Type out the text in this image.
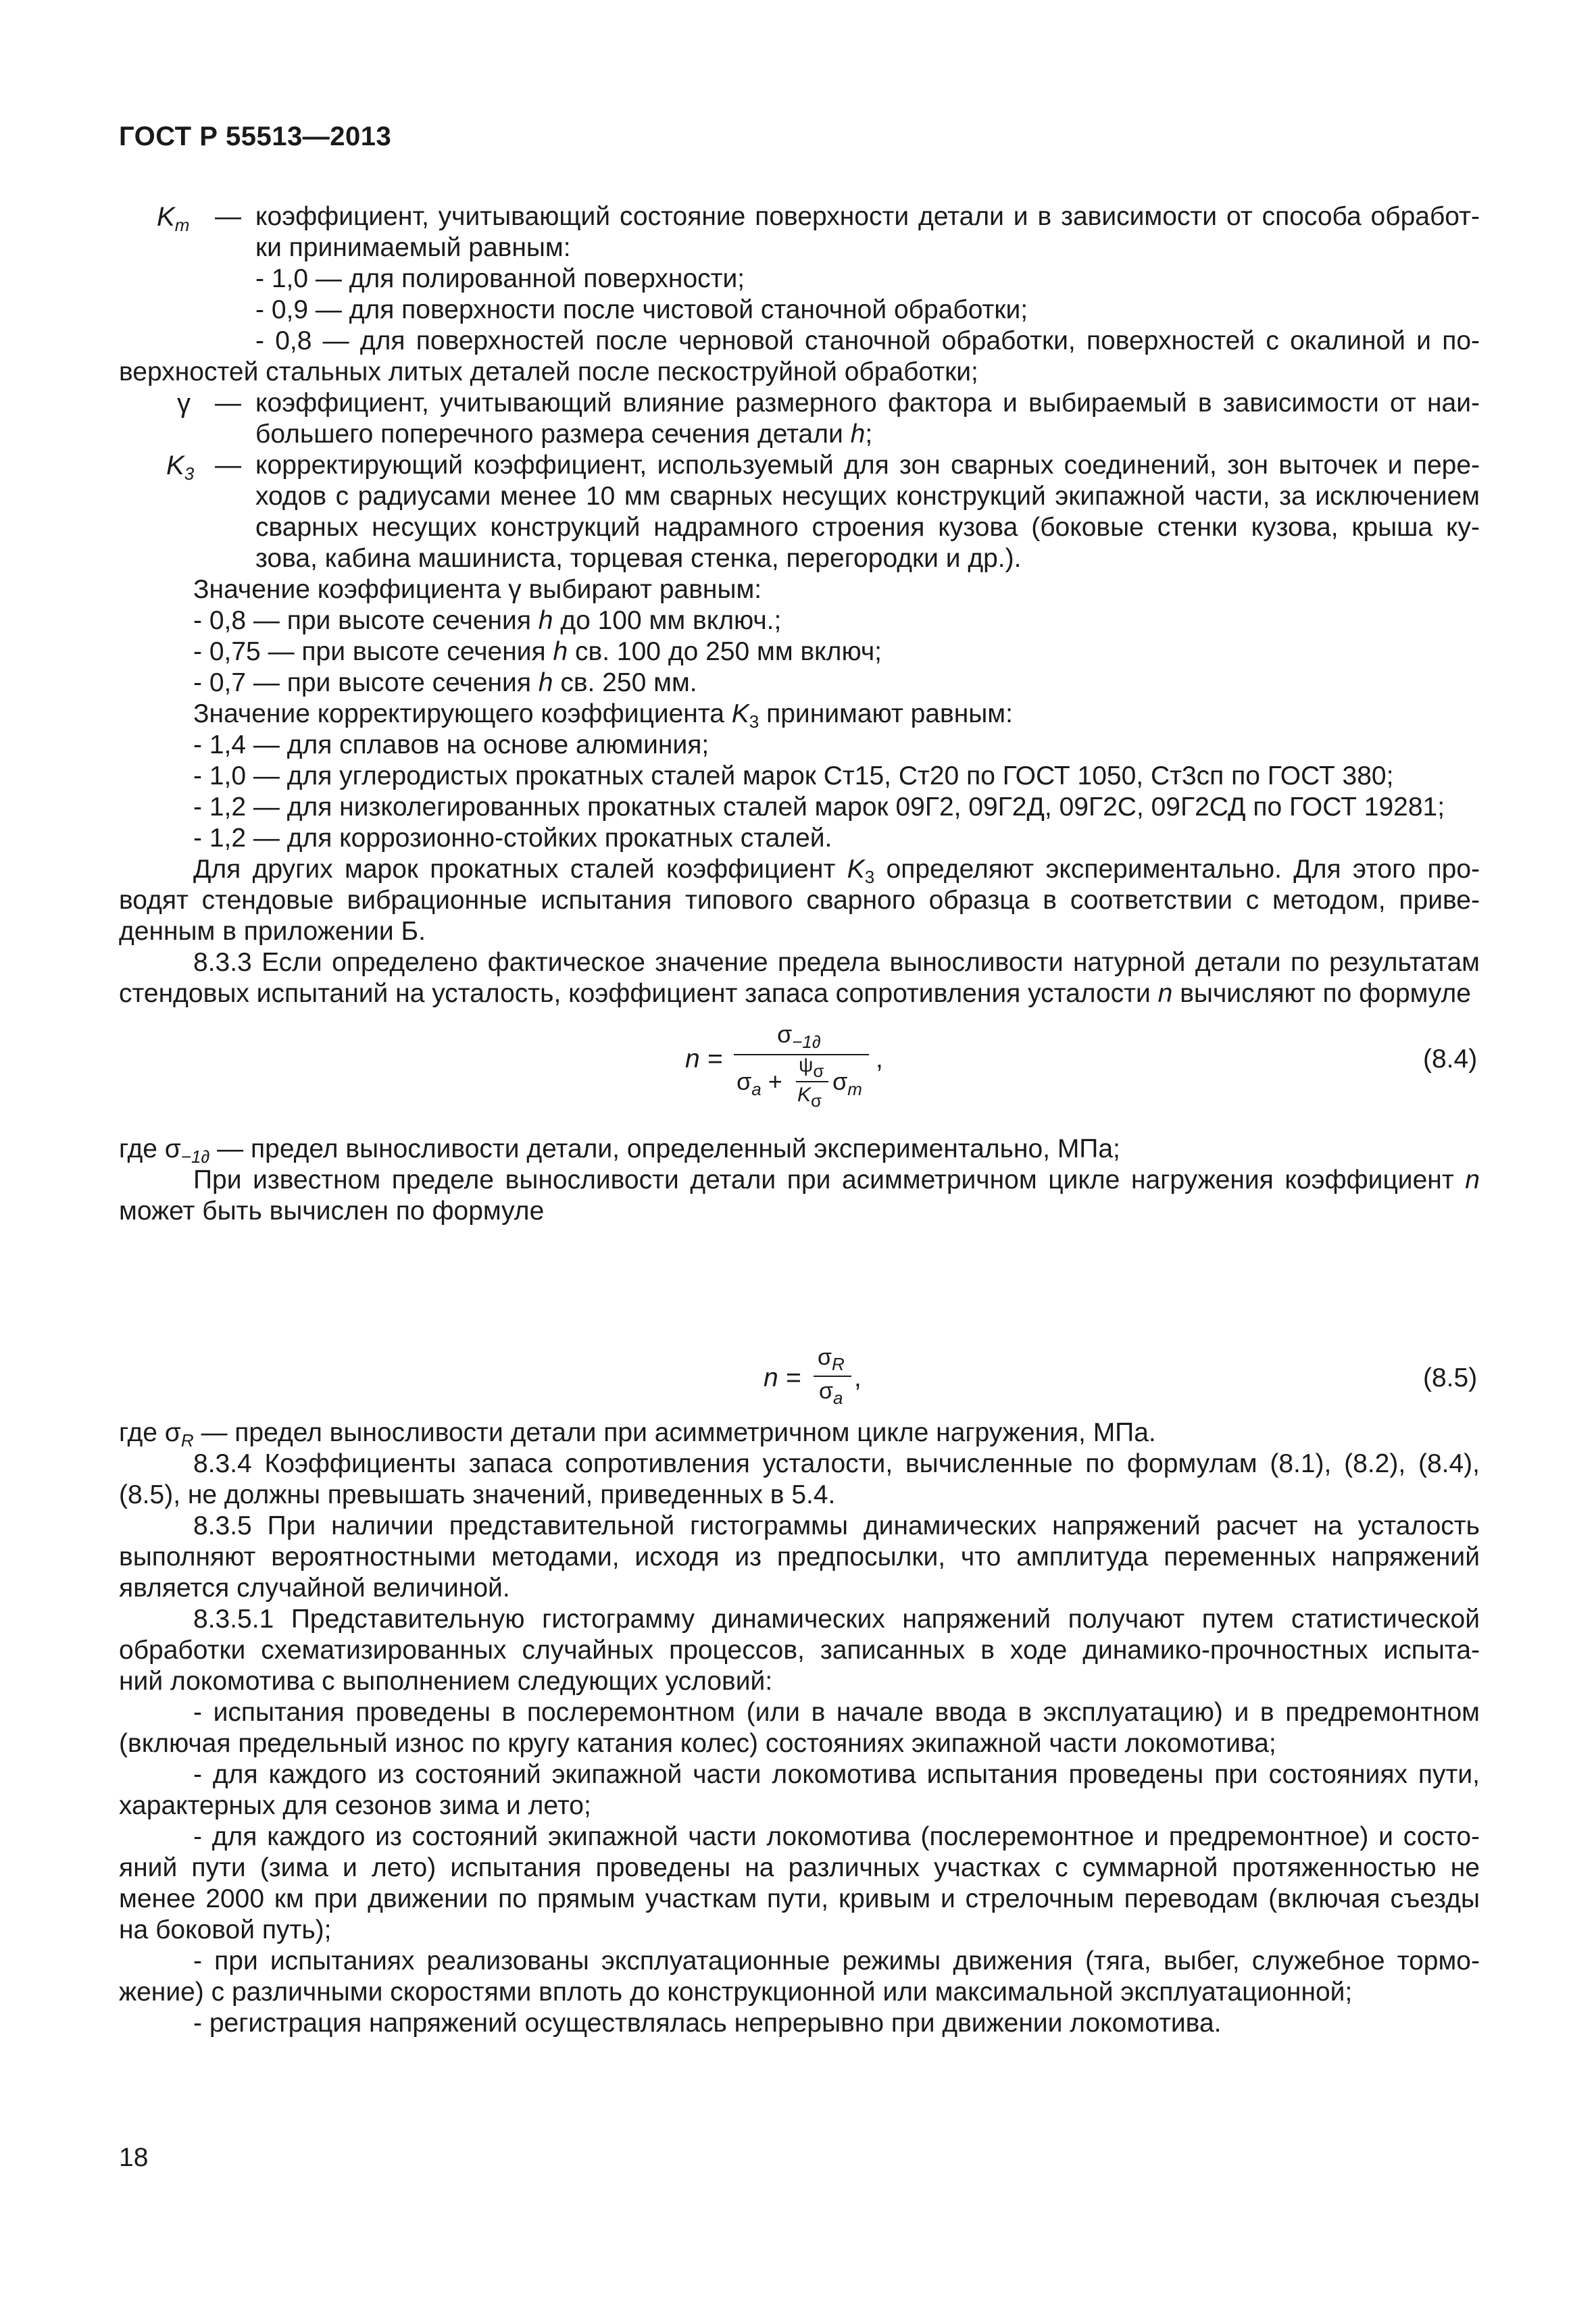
ГОСТ Р 55513—2013
$K_m$ — коэффициент, учитывающий состояние поверхности детали и в зависимости от способа обработ-
ки принимаемый равным:
- 1,0 — для полированной поверхности;
- 0,9 — для поверхности после чистовой станочной обработки;
- 0,8 — для поверхностей после черновой станочной обработки, поверхностей с окалиной и по-
верхностей стальных литых деталей после пескоструйной обработки;
γ — коэффициент, учитывающий влияние размерного фактора и выбираемый в зависимости от наи-
большего поперечного размера сечения детали h;
$K_3$ — корректирующий коэффициент, используемый для зон сварных соединений, зон выточек и пере-
ходов с радиусами менее 10 мм сварных несущих конструкций экипажной части, за исключением
сварных несущих конструкций надрамного строения кузова (боковые стенки кузова, крыша ку-
зова, кабина машиниста, торцевая стенка, перегородки и др.).
Значение коэффициента γ выбирают равным:
- 0,8 — при высоте сечения h до 100 мм включ.;
- 0,75 — при высоте сечения h св. 100 до 250 мм включ;
- 0,7 — при высоте сечения h св. 250 мм.
Значение корректирующего коэффициента $K_3$ принимают равным:
- 1,4 — для сплавов на основе алюминия;
- 1,0 — для углеродистых прокатных сталей марок Ст15, Ст20 по ГОСТ 1050, Ст3сп по ГОСТ 380;
- 1,2 — для низколегированных прокатных сталей марок 09Г2, 09Г2Д, 09Г2С, 09Г2СД по ГОСТ 19281;
- 1,2 — для коррозионно-стойких прокатных сталей.
Для других марок прокатных сталей коэффициент $K_3$ определяют экспериментально. Для этого про-
водят стендовые вибрационные испытания типового сварного образца в соответствии с методом, приве-
денным в приложении Б.
8.3.3 Если определено фактическое значение предела выносливости натурной детали по результатам
стендовых испытаний на усталость, коэффициент запаса сопротивления усталости n вычисляют по формуле
n =
$\sigma_{-1\partial}$
$\sigma_a$ +
$\psi_\sigma$
$K_\sigma$
$\sigma_m$
,	(8.4)
где $\sigma_{-1\partial}$ — предел выносливости детали, определенный экспериментально, МПа;
При известном пределе выносливости детали при асимметричном цикле нагружения коэффициент n
может быть вычислен по формуле
n =
$\sigma_R$
$\sigma_a$
,	(8.5)
где $\sigma_R$ — предел выносливости детали при асимметричном цикле нагружения, МПа.
8.3.4 Коэффициенты запаса сопротивления усталости, вычисленные по формулам (8.1), (8.2), (8.4),
(8.5), не должны превышать значений, приведенных в 5.4.
8.3.5 При наличии представительной гистограммы динамических напряжений расчет на усталость
выполняют вероятностными методами, исходя из предпосылки, что амплитуда переменных напряжений
является случайной величиной.
8.3.5.1 Представительную гистограмму динамических напряжений получают путем статистической
обработки схематизированных случайных процессов, записанных в ходе динамико-прочностных испыта-
ний локомотива с выполнением следующих условий:
- испытания проведены в послеремонтном (или в начале ввода в эксплуатацию) и в предремонтном
(включая предельный износ по кругу катания колес) состояниях экипажной части локомотива;
- для каждого из состояний экипажной части локомотива испытания проведены при состояниях пути,
характерных для сезонов зима и лето;
- для каждого из состояний экипажной части локомотива (послеремонтное и предремонтное) и состо-
яний пути (зима и лето) испытания проведены на различных участках с суммарной протяженностью не
менее 2000 км при движении по прямым участкам пути, кривым и стрелочным переводам (включая съезды
на боковой путь);
- при испытаниях реализованы эксплуатационные режимы движения (тяга, выбег, служебное тормо-
жение) с различными скоростями вплоть до конструкционной или максимальной эксплуатационной;
- регистрация напряжений осуществлялась непрерывно при движении локомотива.
18
